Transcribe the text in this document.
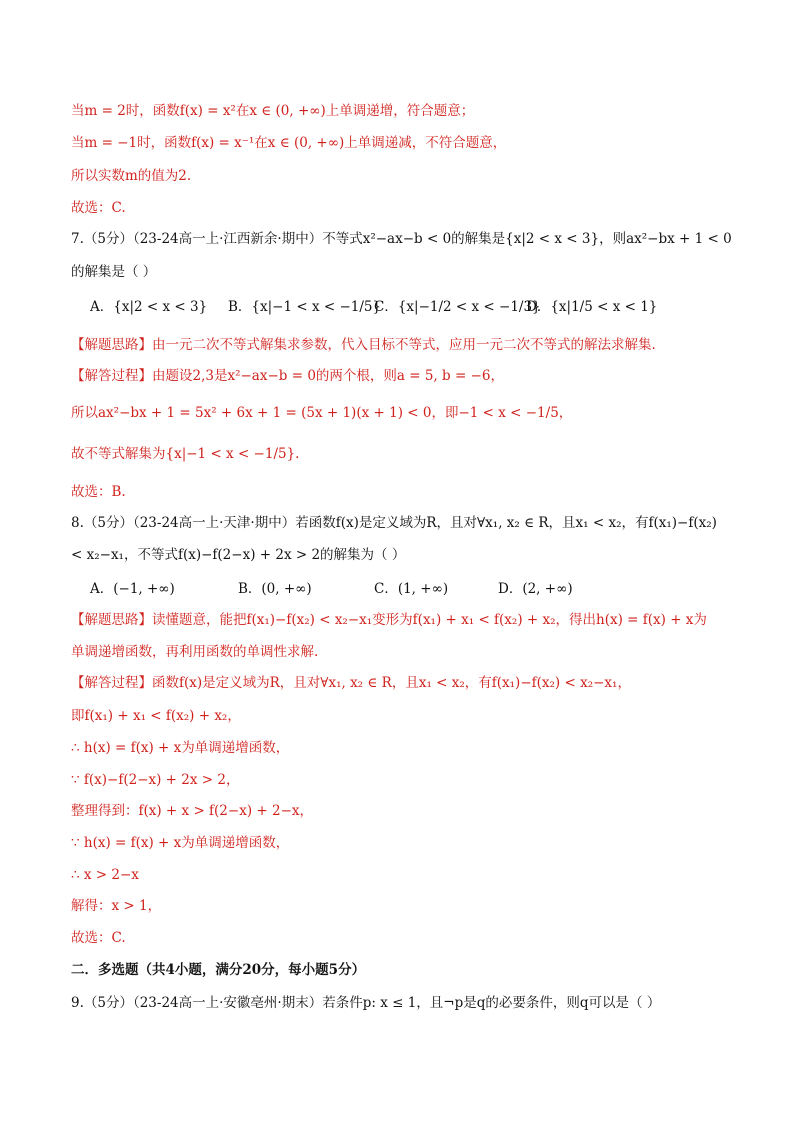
当m = 2时，函数f(x) = x²在x ∈ (0, +∞)上单调递增，符合题意；
当m = −1时，函数f(x) = x⁻¹在x ∈ (0, +∞)上单调递减，不符合题意，
所以实数m的值为2.
故选：C.
7.（5分）（23-24高一上·江西新余·期中）不等式x²−ax−b < 0的解集是{x|2 < x < 3}，则ax²−bx + 1 < 0
的解集是（ ）
A．{x|2 < x < 3} B．{x|−1 < x < −1/5}
C．{x|−1/2 < x < −1/3}
D．{x|1/5 < x < 1}
【解题思路】由一元二次不等式解集求参数，代入目标不等式，应用一元二次不等式的解法求解集.
【解答过程】由题设2,3是x²−ax−b = 0的两个根，则a = 5, b = −6，
所以ax²−bx + 1 = 5x² + 6x + 1 = (5x + 1)(x + 1) < 0，即−1 < x < −1/5，
故不等式解集为{x|−1 < x < −1/5}.
故选：B.
8.（5分）（23-24高一上·天津·期中）若函数f(x)是定义域为R，且对∀x₁, x₂ ∈ R，且x₁ < x₂，有f(x₁)−f(x₂)
< x₂−x₁，不等式f(x)−f(2−x) + 2x > 2的解集为（ ）
A．(−1, +∞)	B．(0, +∞)	C．(1, +∞)	D．(2, +∞)
【解题思路】读懂题意，能把f(x₁)−f(x₂) < x₂−x₁变形为f(x₁) + x₁ < f(x₂) + x₂，得出h(x) = f(x) + x为
单调递增函数，再利用函数的单调性求解.
【解答过程】函数f(x)是定义域为R，且对∀x₁, x₂ ∈ R，且x₁ < x₂，有f(x₁)−f(x₂) < x₂−x₁，
即f(x₁) + x₁ < f(x₂) + x₂，
∴ h(x) = f(x) + x为单调递增函数，
∵ f(x)−f(2−x) + 2x > 2，
整理得到：f(x) + x > f(2−x) + 2−x，
∵ h(x) = f(x) + x为单调递增函数，
∴ x > 2−x
解得：x > 1，
故选：C.
二．多选题（共4小题，满分20分，每小题5分）
9.（5分）（23-24高一上·安徽亳州·期末）若条件p: x ≤ 1，且¬p是q的必要条件，则q可以是（ ）
